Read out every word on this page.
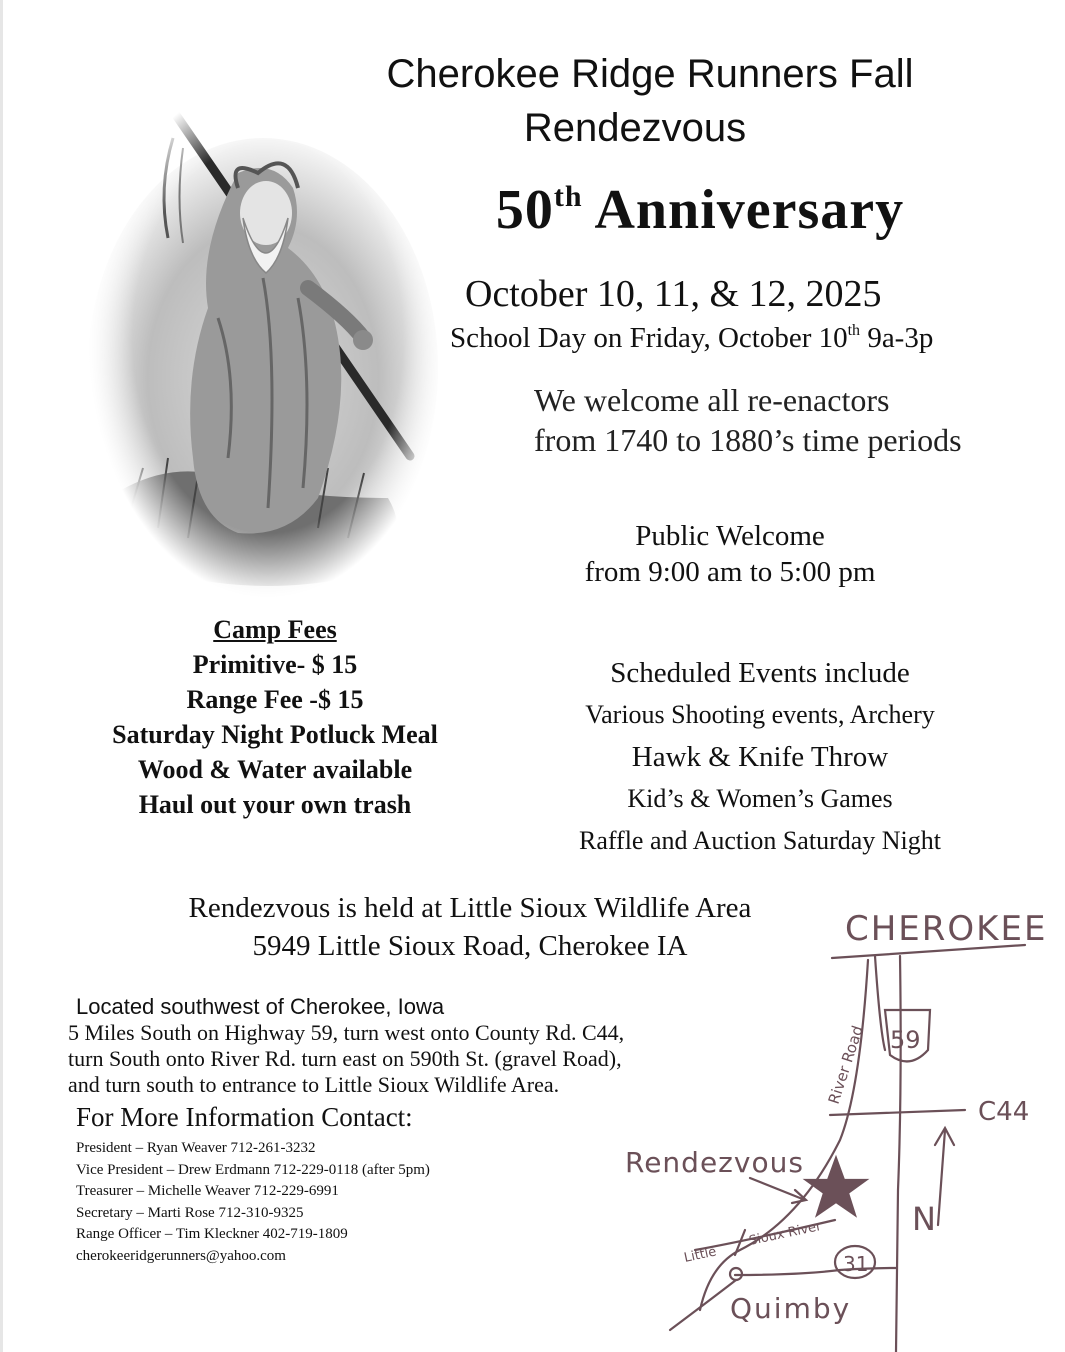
Cherokee Ridge Runners Fall
Rendezvous
50th Anniversary
October 10, 11, & 12, 2025
School Day on Friday, October 10th 9a-3p
We welcome all re-enactors
from 1740 to 1880’s time periods
Public Welcome
from 9:00 am to 5:00 pm
Camp Fees
Primitive- $ 15
Range Fee -$ 15
Saturday Night Potluck Meal
Wood & Water available
Haul out your own trash
Scheduled Events include
Various Shooting events, Archery
Hawk & Knife Throw
Kid’s & Women’s Games
Raffle and Auction Saturday Night
Rendezvous is held at Little Sioux Wildlife Area
5949 Little Sioux Road, Cherokee IA
Located southwest of Cherokee, Iowa
5 Miles South on Highway 59, turn west onto County Rd. C44,
turn South onto River Rd. turn east on 590th St. (gravel Road),
and turn south to entrance to Little Sioux Wildlife Area.
For More Information Contact:
President – Ryan Weaver 712-261-3232
Vice President – Drew Erdmann 712-229-0118 (after 5pm)
Treasurer – Michelle Weaver 712-229-6991
Secretary – Marti Rose 712-310-9325
Range Officer – Tim Kleckner 402-719-1809
cherokeeridgerunners@yahoo.com
CHEROKEE
59
River Road
C44
Rendezvous
Little
Sioux River
31
N
Quimby
